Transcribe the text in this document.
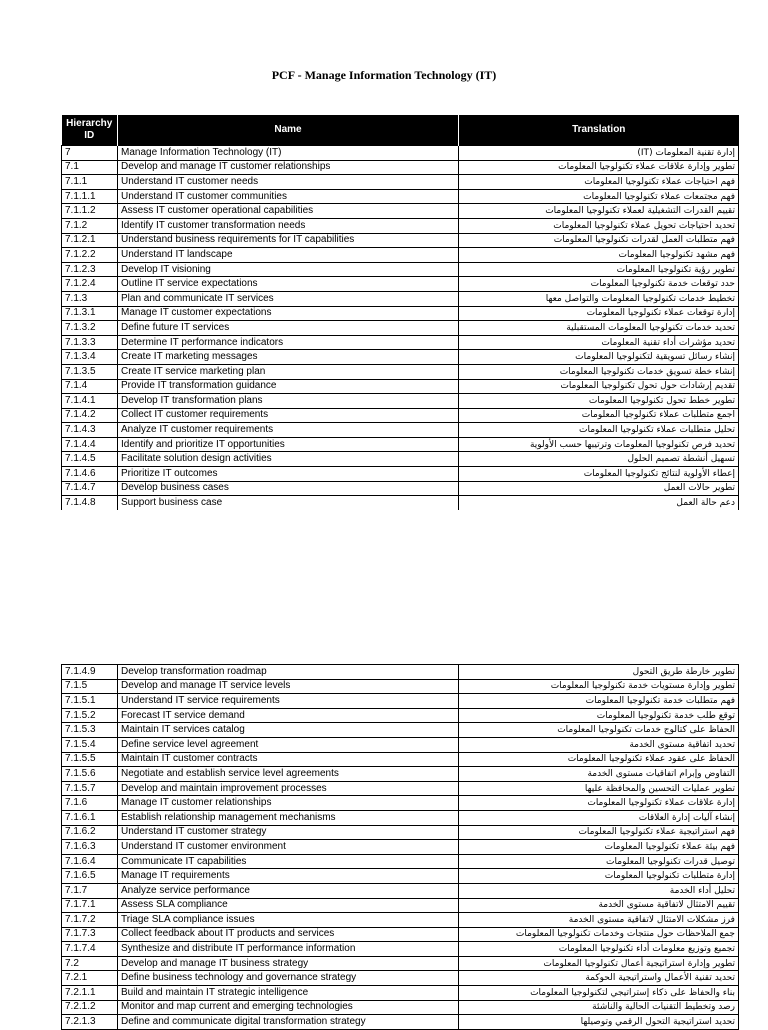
PCF - Manage Information Technology (IT)
Hierarchy ID	Name	Translation
7	Manage Information Technology (IT)	إدارة تقنية المعلومات (IT)
7.1	Develop and manage IT customer relationships	تطوير وإدارة علاقات عملاء تكنولوجيا المعلومات
7.1.1	Understand IT customer needs	فهم احتياجات عملاء تكنولوجيا المعلومات
7.1.1.1	Understand IT customer communities	فهم مجتمعات عملاء تكنولوجيا المعلومات
7.1.1.2	Assess IT customer operational capabilities	تقييم القدرات التشغيلية لعملاء تكنولوجيا المعلومات
7.1.2	Identify IT customer transformation needs	تحديد احتياجات تحويل عملاء تكنولوجيا المعلومات
7.1.2.1	Understand business requirements for IT capabilities	فهم متطلبات العمل لقدرات تكنولوجيا المعلومات
7.1.2.2	Understand IT landscape	فهم مشهد تكنولوجيا المعلومات
7.1.2.3	Develop IT visioning	تطوير رؤية تكنولوجيا المعلومات
7.1.2.4	Outline IT service expectations	حدد توقعات خدمة تكنولوجيا المعلومات
7.1.3	Plan and communicate IT services	تخطيط خدمات تكنولوجيا المعلومات والتواصل معها
7.1.3.1	Manage IT customer expectations	إدارة توقعات عملاء تكنولوجيا المعلومات
7.1.3.2	Define future IT services	تحديد خدمات تكنولوجيا المعلومات المستقبلية
7.1.3.3	Determine IT performance indicators	تحديد مؤشرات أداء تقنية المعلومات
7.1.3.4	Create IT marketing messages	إنشاء رسائل تسويقية لتكنولوجيا المعلومات
7.1.3.5	Create IT service marketing plan	إنشاء خطة تسويق خدمات تكنولوجيا المعلومات
7.1.4	Provide IT transformation guidance	تقديم إرشادات حول تحول تكنولوجيا المعلومات
7.1.4.1	Develop IT transformation plans	تطوير خطط تحول تكنولوجيا المعلومات
7.1.4.2	Collect IT customer requirements	اجمع متطلبات عملاء تكنولوجيا المعلومات
7.1.4.3	Analyze IT customer requirements	تحليل متطلبات عملاء تكنولوجيا المعلومات
7.1.4.4	Identify and prioritize IT opportunities	تحديد فرص تكنولوجيا المعلومات وترتيبها حسب الأولوية
7.1.4.5	Facilitate solution design activities	تسهيل أنشطة تصميم الحلول
7.1.4.6	Prioritize IT outcomes	إعطاء الأولوية لنتائج تكنولوجيا المعلومات
7.1.4.7	Develop business cases	تطوير حالات العمل
7.1.4.8	Support business case	دعم حالة العمل
7.1.4.9	Develop transformation roadmap	تطوير خارطة طريق التحول
7.1.5	Develop and manage IT service levels	تطوير وإدارة مستويات خدمة تكنولوجيا المعلومات
7.1.5.1	Understand IT service requirements	فهم متطلبات خدمة تكنولوجيا المعلومات
7.1.5.2	Forecast IT service demand	توقع طلب خدمة تكنولوجيا المعلومات
7.1.5.3	Maintain IT services catalog	الحفاظ على كتالوج خدمات تكنولوجيا المعلومات
7.1.5.4	Define service level agreement	تحديد اتفاقية مستوى الخدمة
7.1.5.5	Maintain IT customer contracts	الحفاظ على عقود عملاء تكنولوجيا المعلومات
7.1.5.6	Negotiate and establish service level agreements	التفاوض وإبرام اتفاقيات مستوى الخدمة
7.1.5.7	Develop and maintain improvement processes	تطوير عمليات التحسين والمحافظة عليها
7.1.6	Manage IT customer relationships	إدارة علاقات عملاء تكنولوجيا المعلومات
7.1.6.1	Establish relationship management mechanisms	إنشاء آليات إدارة العلاقات
7.1.6.2	Understand IT customer strategy	فهم استراتيجية عملاء تكنولوجيا المعلومات
7.1.6.3	Understand IT customer environment	فهم بيئة عملاء تكنولوجيا المعلومات
7.1.6.4	Communicate IT capabilities	توصيل قدرات تكنولوجيا المعلومات
7.1.6.5	Manage IT requirements	إدارة متطلبات تكنولوجيا المعلومات
7.1.7	Analyze service performance	تحليل أداء الخدمة
7.1.7.1	Assess SLA compliance	تقييم الامتثال لاتفاقية مستوى الخدمة
7.1.7.2	Triage SLA compliance issues	فرز مشكلات الامتثال لاتفاقية مستوى الخدمة
7.1.7.3	Collect feedback about IT products and services	جمع الملاحظات حول منتجات وخدمات تكنولوجيا المعلومات
7.1.7.4	Synthesize and distribute IT performance information	تجميع وتوزيع معلومات أداء تكنولوجيا المعلومات
7.2	Develop and manage IT business strategy	تطوير وإدارة استراتيجية أعمال تكنولوجيا المعلومات
7.2.1	Define business technology and governance strategy	تحديد تقنية الأعمال واستراتيجية الحوكمة
7.2.1.1	Build and maintain IT strategic intelligence	بناء والحفاظ على ذكاء إستراتيجي لتكنولوجيا المعلومات
7.2.1.2	Monitor and map current and emerging technologies	رصد وتخطيط التقنيات الحالية والناشئة
7.2.1.3	Define and communicate digital transformation strategy	تحديد استراتيجية التحول الرقمي وتوصيلها
